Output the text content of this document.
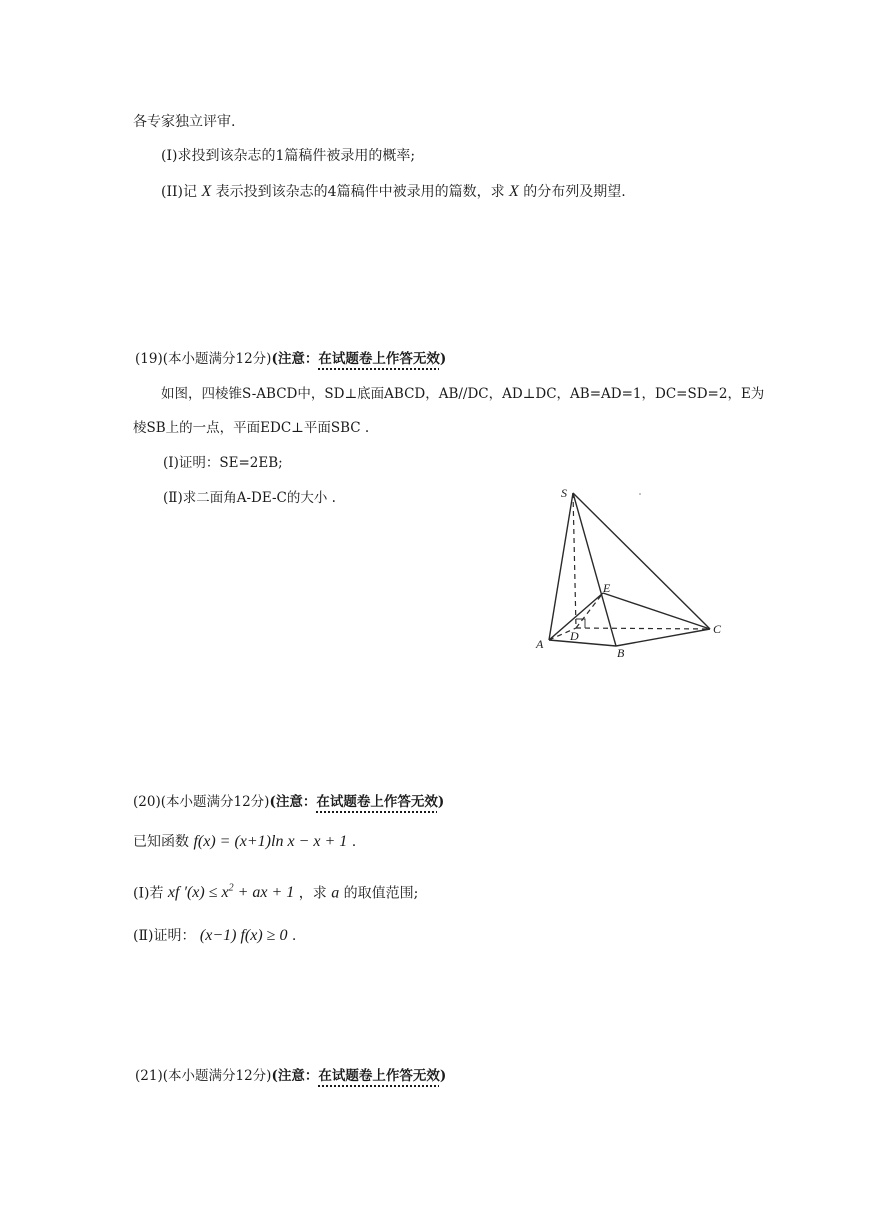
各专家独立评审.
(I)求投到该杂志的1篇稿件被录用的概率;
(II)记 X 表示投到该杂志的4篇稿件中被录用的篇数，求 X 的分布列及期望.
(19)(本小题满分12分)(注意：在试题卷上作答无效)
如图，四棱锥S-ABCD中，SD⊥底面ABCD，AB//DC，AD⊥DC，AB=AD=1，DC=SD=2，E为
棱SB上的一点，平面EDC⊥平面SBC .
(Ⅰ)证明：SE=2EB;
(Ⅱ)求二面角A-DE-C的大小 .	S
E
D
A
B
C
(20)(本小题满分12分)(注意：在试题卷上作答无效)
已知函数 f(x) = (x+1)ln x − x + 1 .
(Ⅰ)若 xf $'(x) \le x^2$ + ax + 1 ，求 a 的取值范围;
(Ⅱ)证明： (x−1) f(x) ≥ 0 .
(21)(本小题满分12分)(注意：在试题卷上作答无效)
